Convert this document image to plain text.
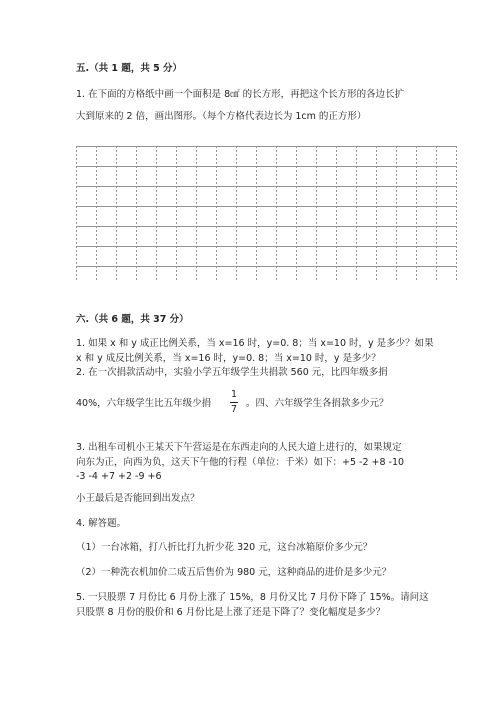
五.（共 1 题，共 5 分）
1. 在下面的方格纸中画一个面积是 8㎠ 的长方形，再把这个长方形的各边长扩
大到原来的 2 倍，画出图形。（每个方格代表边长为 1cm 的正方形）
六.（共 6 题，共 37 分）
1. 如果 x 和 y 成正比例关系，当 x=16 时，y=0. 8；当 x=10 时，y 是多少？如果
x 和 y 成反比例关系，当 x=16 时，y=0. 8；当 x=10 时，y 是多少？
2. 在一次捐款活动中，实验小学五年级学生共捐款 560 元，比四年级多捐
40%，六年级学生比五年级少捐
1
7
。四、六年级学生各捐款多少元？
3. 出租车司机小王某天下午营运是在东西走向的人民大道上进行的，如果规定
向东为正，向西为负，这天下午他的行程（单位：千米）如下：+5 -2 +8 -10
-3 -4 +7 +2 -9 +6
小王最后是否能回到出发点？
4. 解答题。
（1）一台冰箱，打八折比打九折少花 320 元，这台冰箱原价多少元？
（2）一种洗衣机加价二成五后售价为 980 元，这种商品的进价是多少元？
5. 一只股票 7 月份比 6 月份上涨了 15%，8 月份又比 7 月份下降了 15%。请问这
只股票 8 月份的股价和 6 月份比是上涨了还是下降了？变化幅度是多少？
